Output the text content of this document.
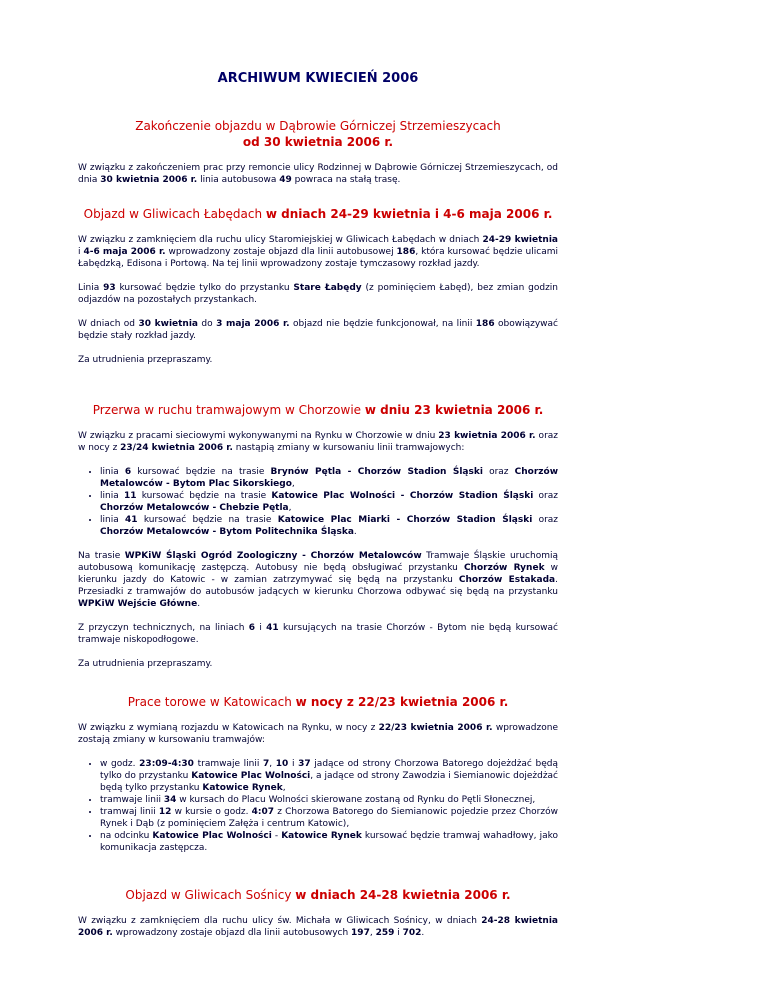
ARCHIWUM KWIECIEŃ 2006
Zakończenie objazdu w Dąbrowie Górniczej Strzemieszycach
od 30 kwietnia 2006 r.

W związku z zakończeniem prac przy remoncie ulicy Rodzinnej w Dąbrowie Górniczej Strzemieszycach, od dnia 30 kwietnia 2006 r. linia autobusowa 49 powraca na stałą trasę.

Objazd w Gliwicach Łabędach w dniach 24-29 kwietnia i 4-6 maja 2006 r.

W związku z zamknięciem dla ruchu ulicy Staromiejskiej w Gliwicach Łabędach w dniach 24-29 kwietnia i 4-6 maja 2006 r. wprowadzony zostaje objazd dla linii autobusowej 186, która kursować będzie ulicami Łabędzką, Edisona i Portową. Na tej linii wprowadzony zostaje tymczasowy rozkład jazdy.

Linia 93 kursować będzie tylko do przystanku Stare Łabędy (z pominięciem Łabęd), bez zmian godzin odjazdów na pozostałych przystankach.

W dniach od 30 kwietnia do 3 maja 2006 r. objazd nie będzie funkcjonował, na linii 186 obowiązywać będzie stały rozkład jazdy.

Za utrudnienia przepraszamy.

Przerwa w ruchu tramwajowym w Chorzowie w dniu 23 kwietnia 2006 r.

W związku z pracami sieciowymi wykonywanymi na Rynku w Chorzowie w dniu 23 kwietnia 2006 r. oraz w nocy z 23/24 kwietnia 2006 r. nastąpią zmiany w kursowaniu linii tramwajowych:

• linia 6 kursować będzie na trasie Brynów Pętla - Chorzów Stadion Śląski oraz Chorzów Metalowców - Bytom Plac Sikorskiego,
• linia 11 kursować będzie na trasie Katowice Plac Wolności - Chorzów Stadion Śląski oraz Chorzów Metalowców - Chebzie Pętla,
• linia 41 kursować będzie na trasie Katowice Plac Miarki - Chorzów Stadion Śląski oraz Chorzów Metalowców - Bytom Politechnika Śląska.

Na trasie WPKiW Śląski Ogród Zoologiczny - Chorzów Metalowców Tramwaje Śląskie uruchomią autobusową komunikację zastępczą. Autobusy nie będą obsługiwać przystanku Chorzów Rynek w kierunku jazdy do Katowic - w zamian zatrzymywać się będą na przystanku Chorzów Estakada. Przesiadki z tramwajów do autobusów jadących w kierunku Chorzowa odbywać się będą na przystanku WPKiW Wejście Główne.

Z przyczyn technicznych, na liniach 6 i 41 kursujących na trasie Chorzów - Bytom nie będą kursować tramwaje niskopodłogowe.

Za utrudnienia przepraszamy.

Prace torowe w Katowicach w nocy z 22/23 kwietnia 2006 r.

W związku z wymianą rozjazdu w Katowicach na Rynku, w nocy z 22/23 kwietnia 2006 r. wprowadzone zostają zmiany w kursowaniu tramwajów:

• w godz. 23:09-4:30 tramwaje linii 7, 10 i 37 jadące od strony Chorzowa Batorego dojeżdżać będą tylko do przystanku Katowice Plac Wolności, a jadące od strony Zawodzia i Siemianowic dojeżdżać będą tylko przystanku Katowice Rynek,
• tramwaje linii 34 w kursach do Placu Wolności skierowane zostaną od Rynku do Pętli Słonecznej,
• tramwaj linii 12 w kursie o godz. 4:07 z Chorzowa Batorego do Siemianowic pojedzie przez Chorzów Rynek i Dąb (z pominięciem Załęża i centrum Katowic),
• na odcinku Katowice Plac Wolności - Katowice Rynek kursować będzie tramwaj wahadłowy, jako komunikacja zastępcza.
Objazd w Gliwicach Sośnicy w dniach 24-28 kwietnia 2006 r.

W związku z zamknięciem dla ruchu ulicy św. Michała w Gliwicach Sośnicy, w dniach 24-28 kwietnia 2006 r. wprowadzony zostaje objazd dla linii autobusowych 197, 259 i 702.
